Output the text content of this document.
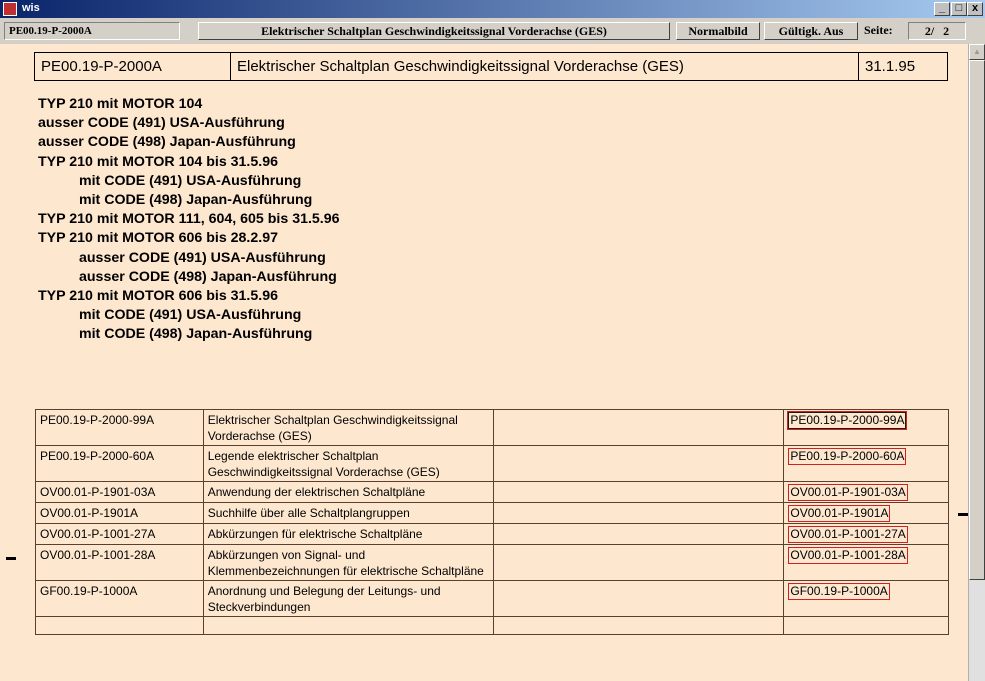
wis	_ □ x
PE00.19-P-2000A	Elektrischer Schaltplan Geschwindigkeitssignal Vorderachse (GES)	Normalbild	Gültigk. Aus	Seite:	2/   2
PE00.19-P-2000A	Elektrischer Schaltplan Geschwindigkeitssignal Vorderachse (GES)	31.1.95
TYP 210 mit MOTOR 104
ausser CODE (491) USA-Ausführung
ausser CODE (498) Japan-Ausführung
TYP 210 mit MOTOR 104 bis 31.5.96
mit CODE (491) USA-Ausführung
mit CODE (498) Japan-Ausführung
TYP 210 mit MOTOR 111, 604, 605 bis 31.5.96
TYP 210 mit MOTOR 606 bis 28.2.97
ausser CODE (491) USA-Ausführung
ausser CODE (498) Japan-Ausführung
TYP 210 mit MOTOR 606 bis 31.5.96
mit CODE (491) USA-Ausführung
mit CODE (498) Japan-Ausführung
PE00.19-P-2000-99A	Elektrischer Schaltplan Geschwindigkeitssignal Vorderachse (GES)		PE00.19-P-2000-99A
PE00.19-P-2000-60A	Legende elektrischer Schaltplan Geschwindigkeitssignal Vorderachse (GES)		PE00.19-P-2000-60A
OV00.01-P-1901-03A	Anwendung der elektrischen Schaltpläne		OV00.01-P-1901-03A
OV00.01-P-1901A	Suchhilfe über alle Schaltplangruppen		OV00.01-P-1901A
OV00.01-P-1001-27A	Abkürzungen für elektrische Schaltpläne		OV00.01-P-1001-27A
OV00.01-P-1001-28A	Abkürzungen von Signal- und Klemmenbezeichnungen für elektrische Schaltpläne		OV00.01-P-1001-28A
GF00.19-P-1000A	Anordnung und Belegung der Leitungs- und Steckverbindungen		GF00.19-P-1000A

▲
